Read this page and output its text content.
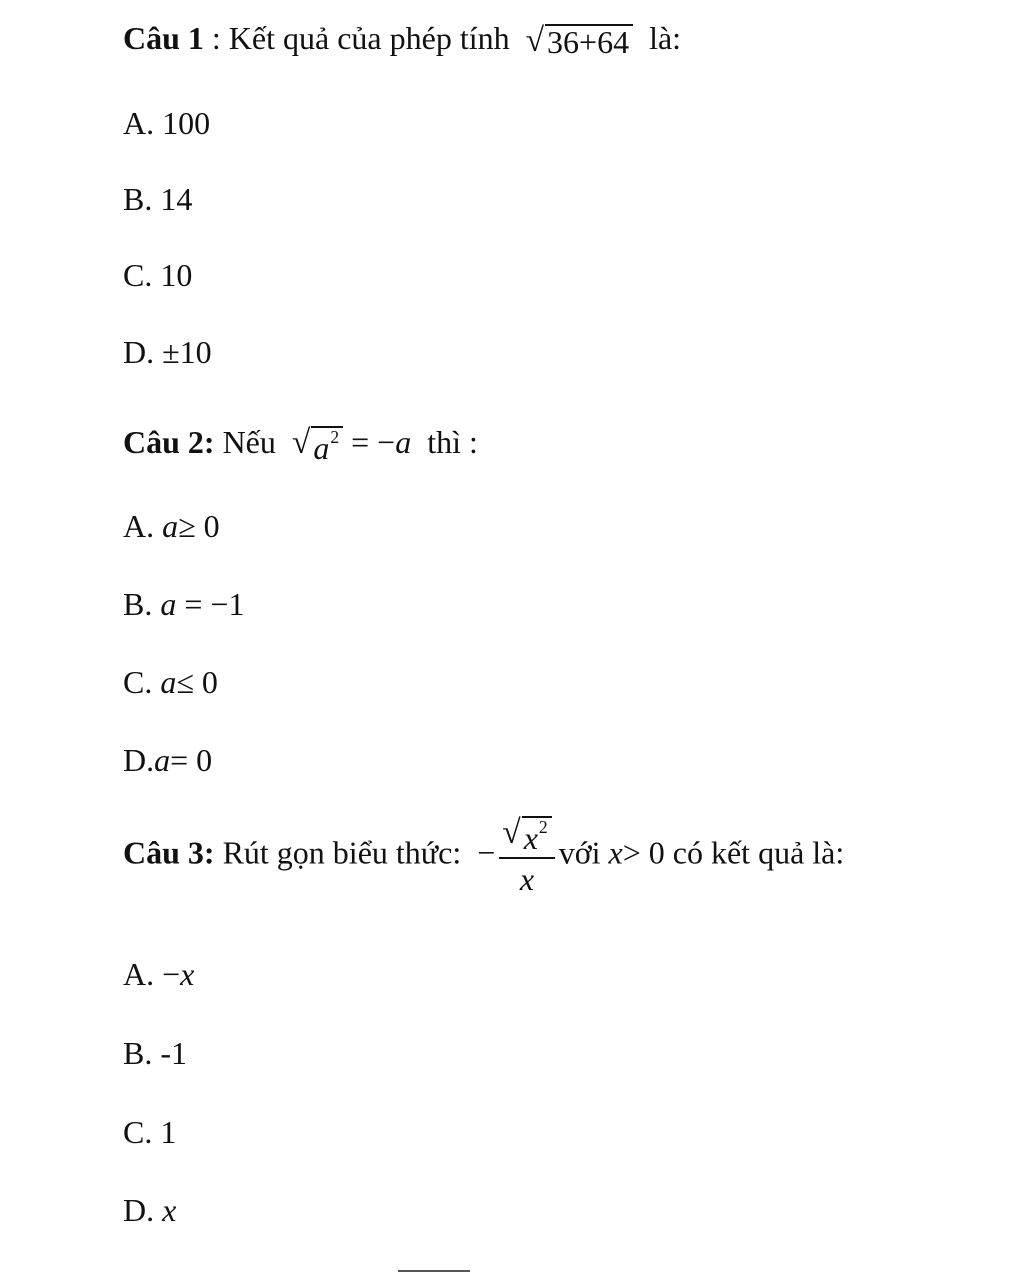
Câu 1 : Kết quả của phép tính √ 36+64 là:
A. 100
B. 14
C. 10
D. ±10
Câu 2: Nếu √ $a^2 = -a$ thì :
A. a≥ 0
B. a = −1
C. a≤ 0
D.a= 0
Câu 3: Rút gọn biểu thức: − $\frac{√ x^2}{x}$ với x> 0 có kết quả là:
A. −x
B. -1
C. 1
D. x
